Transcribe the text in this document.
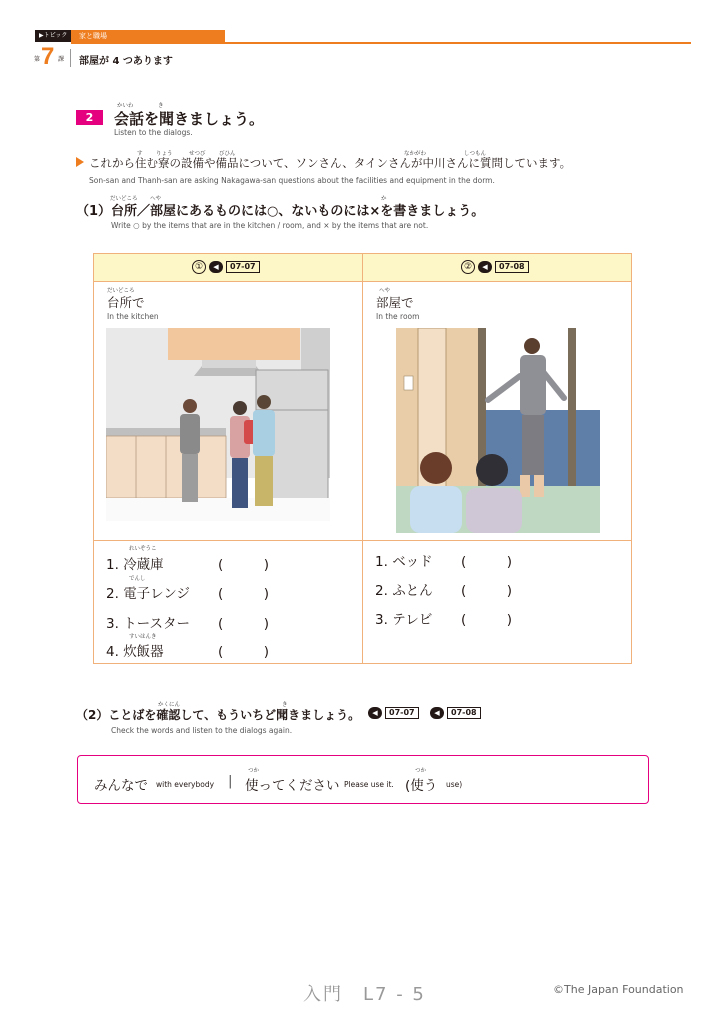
▶トピック	家と職場
第 7 課 部屋が 4 つあります
2
かいわ	き
会話を聞きましょう。
Listen to the dialogs.
す りょう	せつび びひん	なかがわ	しつもん
これから住む寮の設備や備品について、ソンさん、タインさんが中川さんに質問しています。
Son-san and Thanh-san are asking Nakagawa-san questions about the facilities and equipment in the dorm.
だいどころ へや	か
（1）台所／部屋にあるものには○、ないものには×を書きましょう。
Write ○ by the items that are in the kitchen / room, and × by the items that are not.
①	◀	07-07	②	◀	07-08
だいどころ
台所で
In the kitchen
へや
部屋で
In the room
れいぞうこ
1. 冷蔵庫	(　　　)
でんし
2. 電子レンジ (　　　)
3. トースター (　　　)
すいはんき
4. 炊飯器	(　　　)
1. ベッド (　　　)
2. ふとん (　　　)
3. テレビ (　　　)
かくにん	き
（2）ことばを確認して、もういちど聞きましょう。	◀	07-07	◀	07-08
Check the words and listen to the dialogs again.
みんなで with everybody |
つか
使ってください Please use it.
つか
(使う use)
入門　L7 - 5	©The Japan Foundation
